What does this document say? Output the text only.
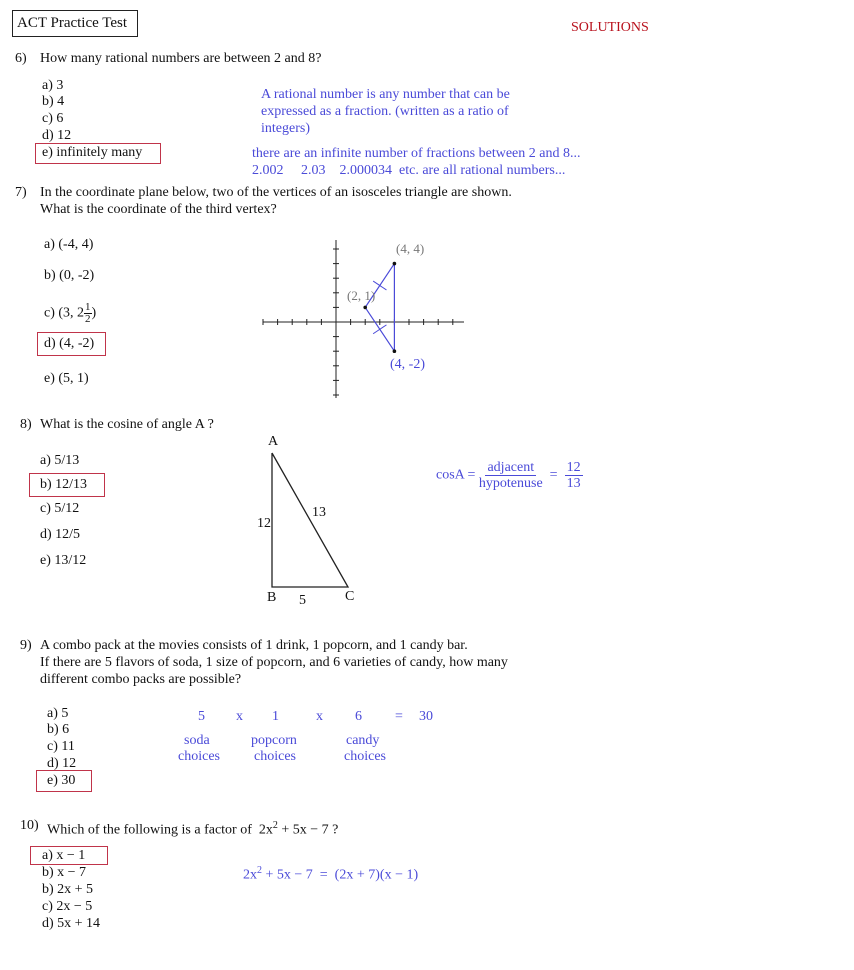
ACT Practice Test	SOLUTIONS
6) How many rational numbers are between 2 and 8?
a) 3
b) 4
c) 6
d) 12
e) infinitely many
A rational number is any number that can be
expressed as a fraction. (written as a ratio of
integers)
there are an infinite number of fractions between 2 and 8...
2.002     2.03    2.000034  etc. are all rational numbers...
7) In the coordinate plane below, two of the vertices of an isosceles triangle are shown.
What is the coordinate of the third vertex?
a) (-4, 4)
b) (0, -2)
c) (3, $2 \frac{1}{2}$ )
d) (4, -2)
e) (5, 1)
(4, 4)
(2, 1)
(4, -2)
8) What is the cosine of angle A ?
a) 5/13
b) 12/13
c) 5/12
d) 12/5
e) 13/12
A
B	C
12
13
5
$\cos A = \frac{\text{adjacent}}{\text{hypotenuse}} = \frac{12}{13}$
9) A combo pack at the movies consists of 1 drink, 1 popcorn, and 1 candy bar.
If there are 5 flavors of soda, 1 size of popcorn, and 6 varieties of candy, how many
different combo packs are possible?
a) 5
b) 6
c) 11
d) 12
e) 30
5 x 1	x 6 = 30
soda
choices
popcorn
choices
candy
choices
10) Which of the following is a factor of $2x^2 + 5x - 7$ ?
a) x − 1
b) x − 7
b) 2x + 5
c) 2x − 5
d) 5x + 14
$2x^2 + 5x - 7 = (2x + 7)(x - 1)$
